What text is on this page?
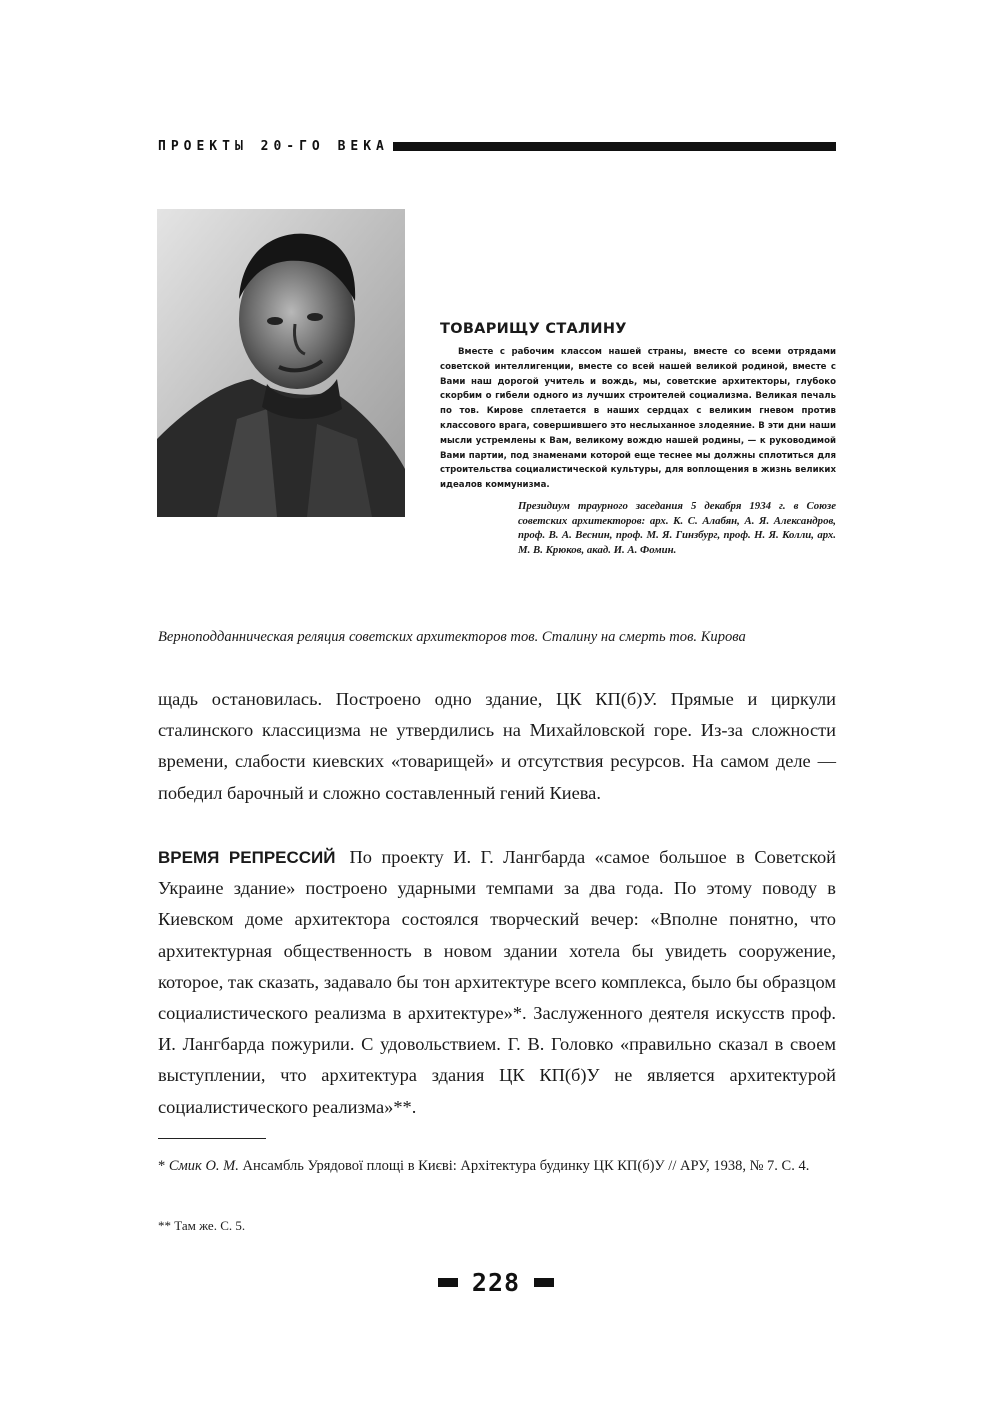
ПРОЕКТЫ 20-ГО ВЕКА
ТОВАРИЩУ СТАЛИНУ

Вместе с рабочим классом нашей страны, вместе со всеми отрядами советской интеллигенции, вместе со всей нашей великой родиной, вместе с Вами наш дорогой учитель и вождь, мы, советские архитекторы, глубоко скорбим о гибели одного из лучших строителей социализма. Великая печаль по тов. Кирове сплетается в наших сердцах с великим гневом против классового врага, совершившего это неслыханное злодеяние. В эти дни наши мысли устремлены к Вам, великому вождю нашей родины, — к руководимой Вами партии, под знаменами которой еще теснее мы должны сплотиться для строительства социалистической культуры, для воплощения в жизнь великих идеалов коммунизма.

Президиум траурного заседания 5 декабря 1934 г. в Союзе советских архитекторов: арх. К. С. Алабян, А. Я. Александров, проф. В. А. Веснин, проф. М. Я. Гинзбург, проф. Н. Я. Колли, арх. М. В. Крюков, акад. И. А. Фомин.

Верноподданническая реляция советских архитекторов тов. Сталину на смерть тов. Кирова

щадь остановилась. Построено одно здание, ЦК КП(б)У. Прямые и циркули сталинского классицизма не утвердились на Михайловской горе. Из-за сложности времени, слабости киевских «товарищей» и отсутствия ресурсов. На самом деле — победил барочный и сложно составленный гений Киева.

ВРЕМЯ РЕПРЕССИЙ По проекту И. Г. Лангбарда «самое большое в Советской Украине здание» построено ударными темпами за два года. По этому поводу в Киевском доме архитектора состоялся творческий вечер: «Вполне понятно, что архитектурная общественность в новом здании хотела бы увидеть сооружение, которое, так сказать, задавало бы тон архитектуре всего комплекса, было бы образцом социалистического реализма в архитектуре»*. Заслуженного деятеля искусств проф. И. Лангбарда пожурили. С удовольствием. Г. В. Головко «правильно сказал в своем выступлении, что архитектура здания ЦК КП(б)У не является архитектурой социалистического реализма»**.

* Смик О. М. Ансамбль Урядової площі в Києві: Архітектура будинку ЦК КП(б)У // АРУ, 1938, № 7. С. 4.

** Там же. С. 5.

228
